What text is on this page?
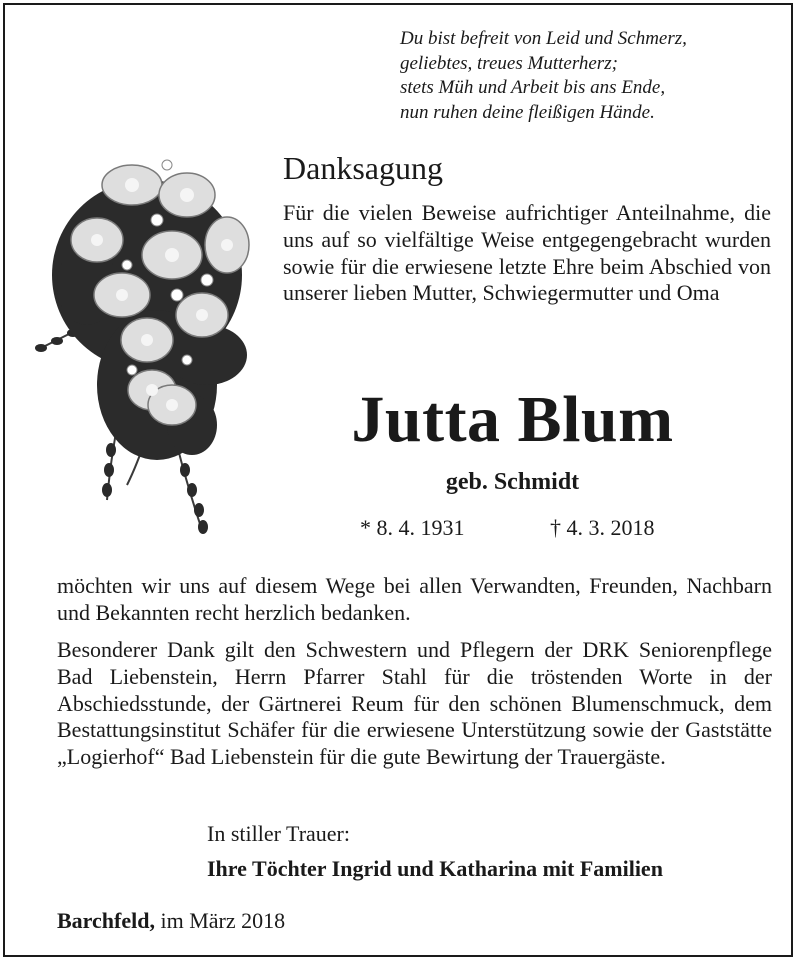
Du bist befreit von Leid und Schmerz,
geliebtes, treues Mutterherz;
stets Müh und Arbeit bis ans Ende,
nun ruhen deine fleißigen Hände.
Danksagung
Für die vielen Beweise aufrichtiger Anteilnahme, die uns auf so vielfältige Weise entgegengebracht wurden sowie für die erwiesene letzte Ehre beim Abschied von unserer lieben Mutter, Schwiegermutter und Oma
Jutta Blum
geb. Schmidt
* 8. 4. 1931	† 4. 3. 2018
möchten wir uns auf diesem Wege bei allen Verwandten, Freunden, Nachbarn und Bekannten recht herzlich bedanken.
Besonderer Dank gilt den Schwestern und Pflegern der DRK Seniorenpflege Bad Liebenstein, Herrn Pfarrer Stahl für die tröstenden Worte in der Abschiedsstunde, der Gärtnerei Reum für den schönen Blumenschmuck, dem Bestattungsinstitut Schäfer für die erwiesene Unterstützung sowie der Gaststätte „Logierhof“ Bad Liebenstein für die gute Bewirtung der Trauergäste.
In stiller Trauer:
Ihre Töchter Ingrid und Katharina mit Familien
Barchfeld, im März 2018
